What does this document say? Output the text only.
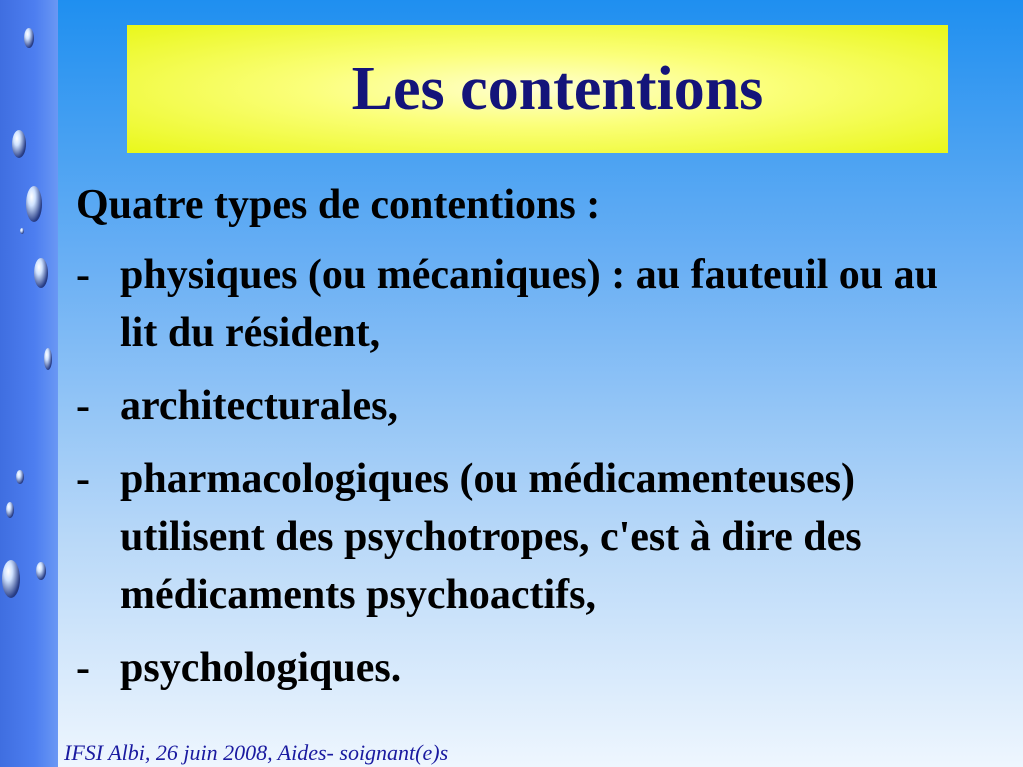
Les contentions

Quatre types de contentions :

- physiques (ou mécaniques) : au fauteuil ou au lit du résident,
- architecturales,
- pharmacologiques (ou médicamenteuses) utilisent des psychotropes, c'est à dire des médicaments psychoactifs,
- psychologiques.
IFSI Albi, 26 juin 2008, Aides- soignant(e)s
